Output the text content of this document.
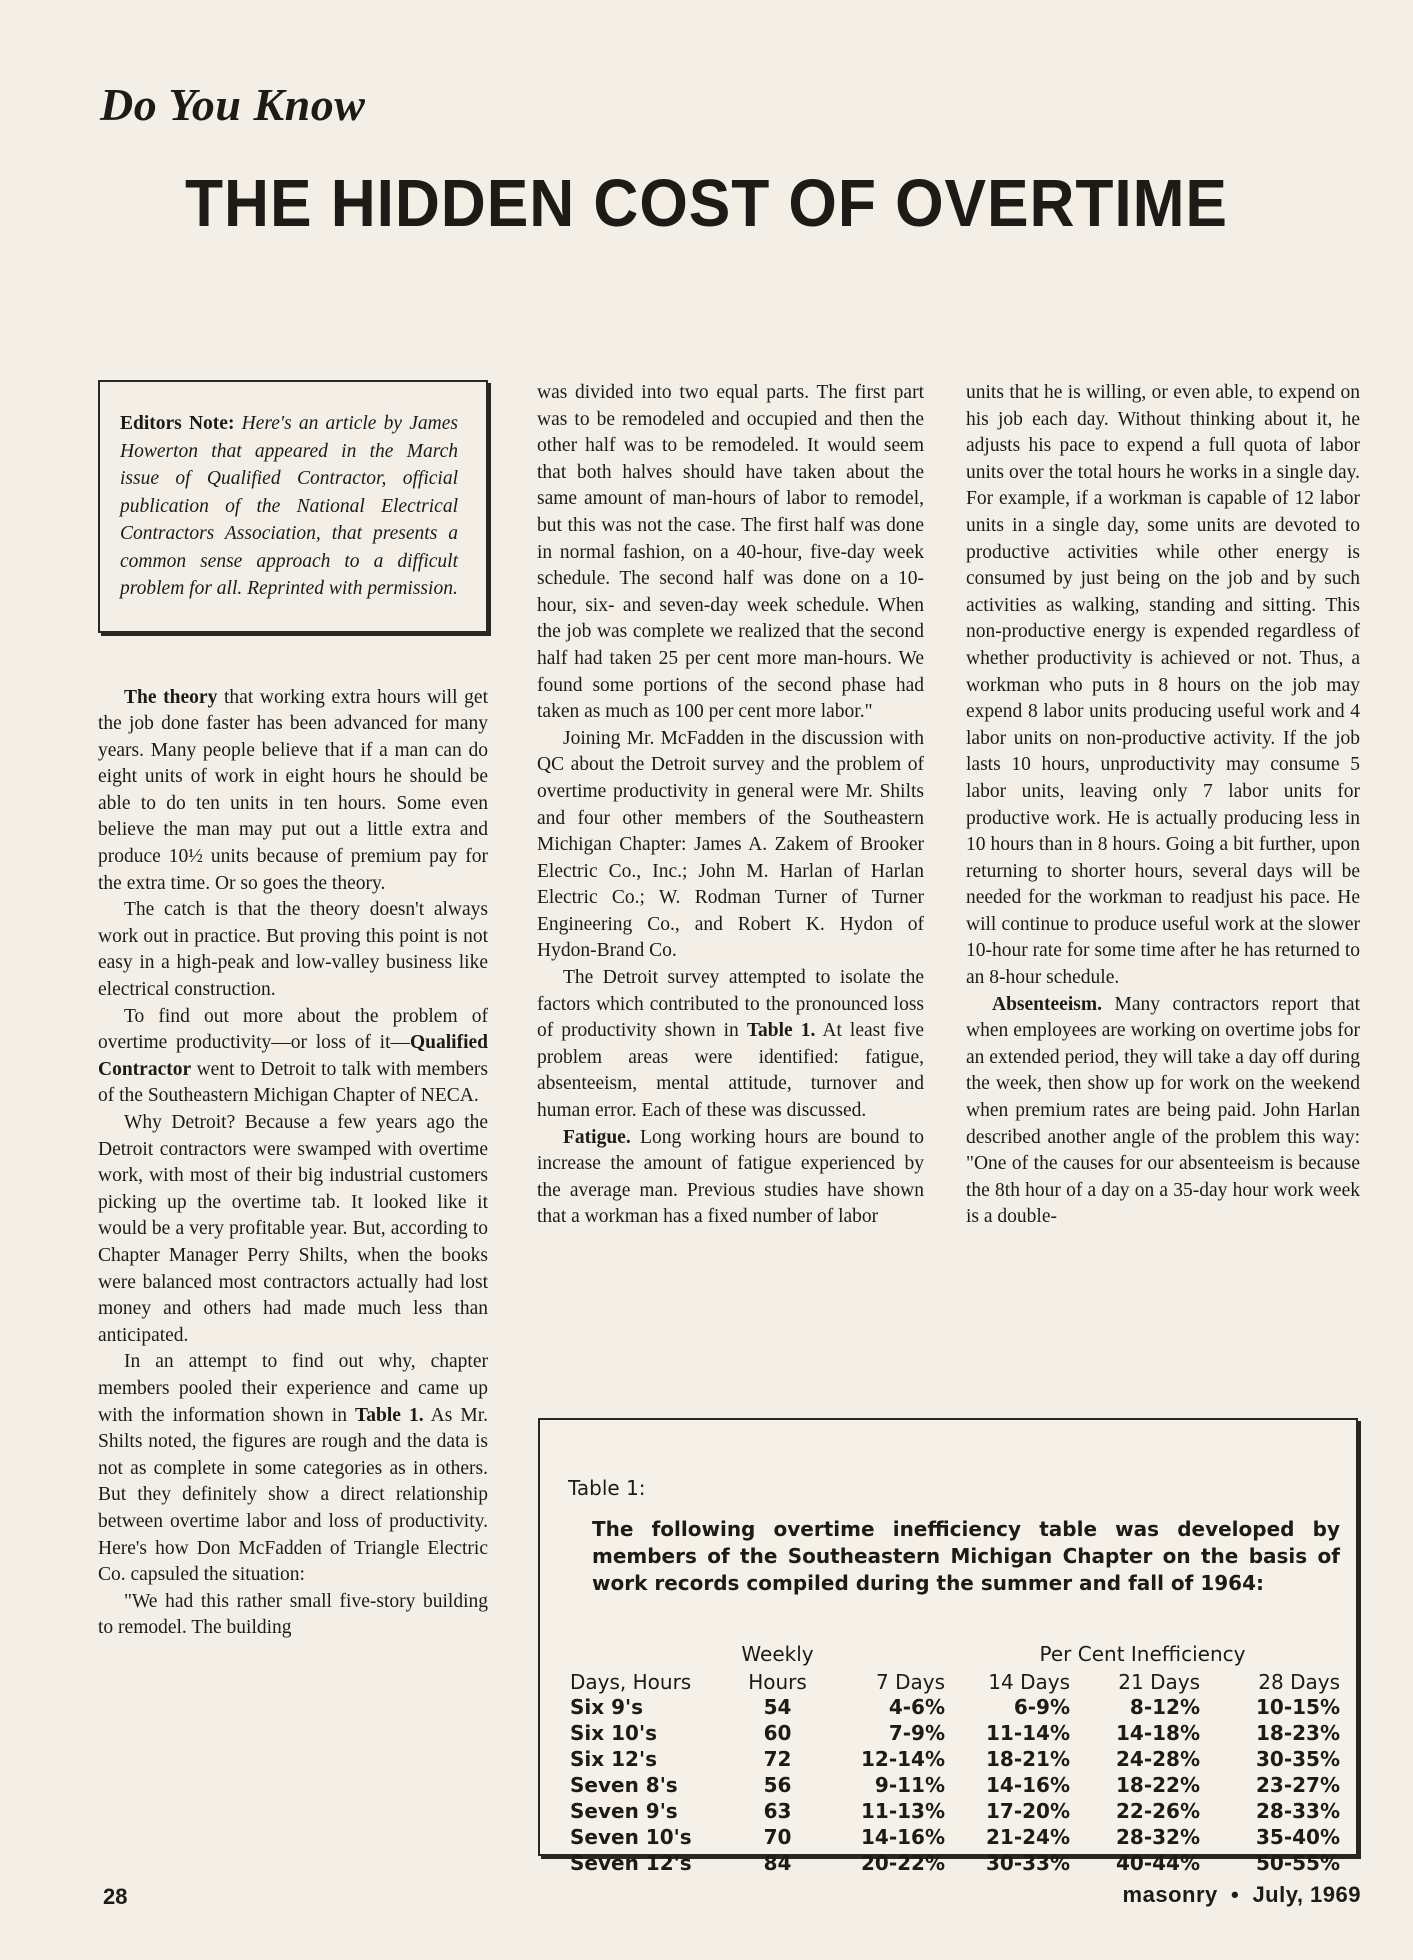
Do You Know
THE HIDDEN COST OF OVERTIME
Editors Note: Here's an article by James Howerton that appeared in the March issue of Qualified Contractor, official publication of the National Electrical Contractors Association, that presents a common sense approach to a difficult problem for all. Reprinted with permission.

The theory that working extra hours will get the job done faster has been advanced for many years. Many people believe that if a man can do eight units of work in eight hours he should be able to do ten units in ten hours. Some even believe the man may put out a little extra and produce 10½ units because of premium pay for the extra time. Or so goes the theory.

The catch is that the theory doesn't always work out in practice. But proving this point is not easy in a high-peak and low-valley business like electrical construction.

To find out more about the problem of overtime productivity—or loss of it—Qualified Contractor went to Detroit to talk with members of the Southeastern Michigan Chapter of NECA.

Why Detroit? Because a few years ago the Detroit contractors were swamped with overtime work, with most of their big industrial customers picking up the overtime tab. It looked like it would be a very profitable year. But, according to Chapter Manager Perry Shilts, when the books were balanced most contractors actually had lost money and others had made much less than anticipated.

In an attempt to find out why, chapter members pooled their experience and came up with the information shown in Table 1. As Mr. Shilts noted, the figures are rough and the data is not as complete in some categories as in others. But they definitely show a direct relationship between overtime labor and loss of productivity. Here's how Don McFadden of Triangle Electric Co. capsuled the situation:

"We had this rather small five-story building to remodel. The building

was divided into two equal parts. The first part was to be remodeled and occupied and then the other half was to be remodeled. It would seem that both halves should have taken about the same amount of man-hours of labor to remodel, but this was not the case. The first half was done in normal fashion, on a 40-hour, five-day week schedule. The second half was done on a 10-hour, six- and seven-day week schedule. When the job was complete we realized that the second half had taken 25 per cent more man-hours. We found some portions of the second phase had taken as much as 100 per cent more labor."

Joining Mr. McFadden in the discussion with QC about the Detroit survey and the problem of overtime productivity in general were Mr. Shilts and four other members of the Southeastern Michigan Chapter: James A. Zakem of Brooker Electric Co., Inc.; John M. Harlan of Harlan Electric Co.; W. Rodman Turner of Turner Engineering Co., and Robert K. Hydon of Hydon-Brand Co.

The Detroit survey attempted to isolate the factors which contributed to the pronounced loss of productivity shown in Table 1. At least five problem areas were identified: fatigue, absenteeism, mental attitude, turnover and human error. Each of these was discussed.

Fatigue. Long working hours are bound to increase the amount of fatigue experienced by the average man. Previous studies have shown that a workman has a fixed number of labor

units that he is willing, or even able, to expend on his job each day. Without thinking about it, he adjusts his pace to expend a full quota of labor units over the total hours he works in a single day. For example, if a workman is capable of 12 labor units in a single day, some units are devoted to productive activities while other energy is consumed by just being on the job and by such activities as walking, standing and sitting. This non-productive energy is expended regardless of whether productivity is achieved or not. Thus, a workman who puts in 8 hours on the job may expend 8 labor units producing useful work and 4 labor units on non-productive activity. If the job lasts 10 hours, unproductivity may consume 5 labor units, leaving only 7 labor units for productive work. He is actually producing less in 10 hours than in 8 hours. Going a bit further, upon returning to shorter hours, several days will be needed for the workman to readjust his pace. He will continue to produce useful work at the slower 10-hour rate for some time after he has returned to an 8-hour schedule.

Absenteeism. Many contractors report that when employees are working on overtime jobs for an extended period, they will take a day off during the week, then show up for work on the weekend when premium rates are being paid. John Harlan described another angle of the problem this way: "One of the causes for our absenteeism is because the 8th hour of a day on a 35-day hour work week is a double-

Table 1:
The following overtime inefficiency table was developed by members of the Southeastern Michigan Chapter on the basis of work records compiled during the summer and fall of 1964:
	Weekly		Per Cent Inefficiency		
Days, Hours	Hours	7 Days	14 Days	21 Days	28 Days
Six 9's	54	4-6%	6-9%	8-12%	10-15%
Six 10's	60	7-9%	11-14%	14-18%	18-23%
Six 12's	72	12-14%	18-21%	24-28%	30-35%
Seven 8's	56	9-11%	14-16%	18-22%	23-27%
Seven 9's	63	11-13%	17-20%	22-26%	28-33%
Seven 10's	70	14-16%	21-24%	28-32%	35-40%
Seven 12's	84	20-22%	30-33%	40-44%	50-55%
28	masonry • July, 1969
